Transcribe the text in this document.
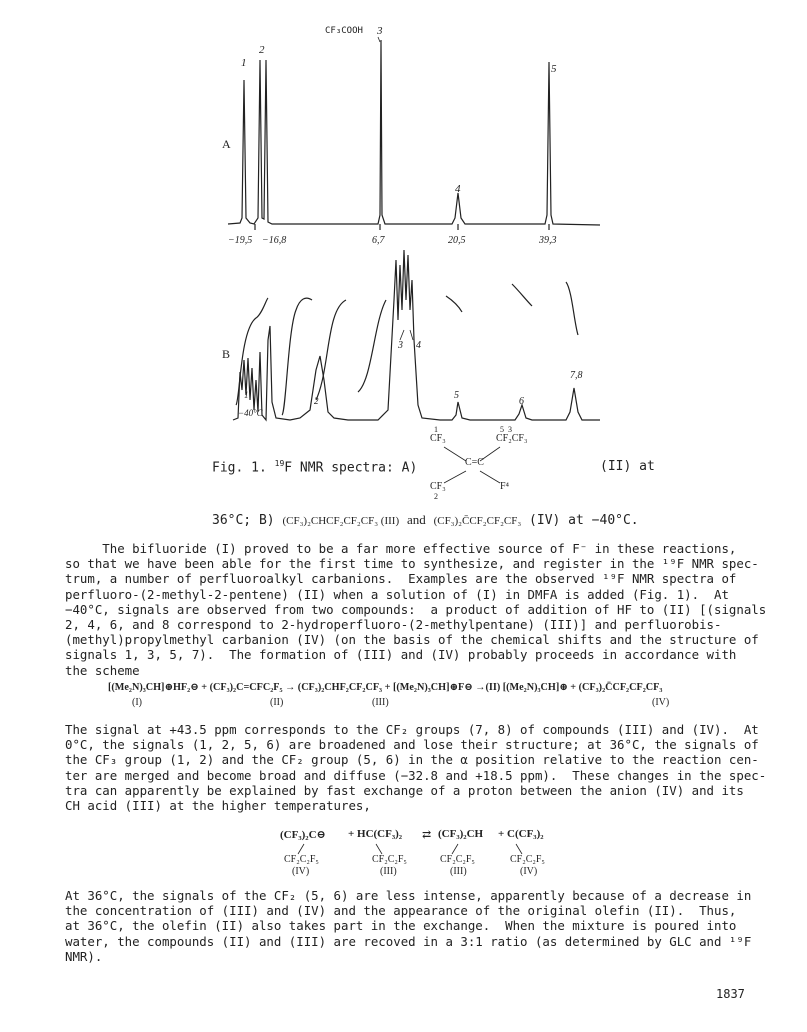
A
CF₃COOH
1
2
3
4
5
−19,5 −16,8	6,7	20,5	39,3
B
1
2
3 4
5
6
7,8
−40°C
Fig. 1. $^{19}$F NMR spectra: A)
1	5  3
CF₃	CF₂CF₃
C=C
CF₃	F⁴
2
(II) at
36°C; B) (CF₃)₂CHCF₂CF₂CF₃ (III) and (CF₃)₂C̄CF₂CF₂CF₃ (IV) at −40°C.

The bifluoride (I) proved to be a far more effective source of F⁻ in these reactions,

so that we have been able for the first time to synthesize, and register in the ¹⁹F NMR spec-

trum, a number of perfluoroalkyl carbanions.  Examples are the observed ¹⁹F NMR spectra of

perfluoro-(2-methyl-2-pentene) (II) when a solution of (I) in DMFA is added (Fig. 1).  At

−40°C, signals are observed from two compounds:  a product of addition of HF to (II) [(signals

2, 4, 6, and 8 correspond to 2-hydroperfluoro-(2-methylpentane) (III)] and perfluorobis-

(methyl)propylmethyl carbanion (IV) (on the basis of the chemical shifts and the structure of

signals 1, 3, 5, 7).  The formation of (III) and (IV) probably proceeds in accordance with

the scheme

[(Me₂N)₃CH]⊕HF₂⊖ + (CF₃)₂C=CFC₂F₅ → (CF₃)₂CHF₂CF₂CF₃ + [(Me₂N)₃CH]⊕F⊖ →(II) [(Me₂N)₃CH]⊕ + (CF₃)₂C̄CF₂CF₂CF₃
(I)	(II)	(III)	(IV)

The signal at +43.5 ppm corresponds to the CF₂ groups (7, 8) of compounds (III) and (IV).  At

0°C, the signals (1, 2, 5, 6) are broadened and lose their structure; at 36°C, the signals of

the CF₃ group (1, 2) and the CF₂ group (5, 6) in the α position relative to the reaction cen-

ter are merged and become broad and diffuse (−32.8 and +18.5 ppm).  These changes in the spec-

tra can apparently be explained by fast exchange of a proton between the anion (IV) and its

CH acid (III) at the higher temperatures,

(CF₃)₂C⊖ + HC(CF₃)₂ ⇄ (CF₃)₂CH + C(CF₃)₂
CF₂C₂F₅	CF₂C₂F₅	CF₂C₂F₅	CF₂C₂F₅
(IV)	(III)	(III)	(IV)

At 36°C, the signals of the CF₂ (5, 6) are less intense, apparently because of a decrease in

the concentration of (III) and (IV) and the appearance of the original olefin (II).  Thus,

at 36°C, the olefin (II) also takes part in the exchange.  When the mixture is poured into

water, the compounds (II) and (III) are recoved in a 3:1 ratio (as determined by GLC and ¹⁹F

NMR).

1837
